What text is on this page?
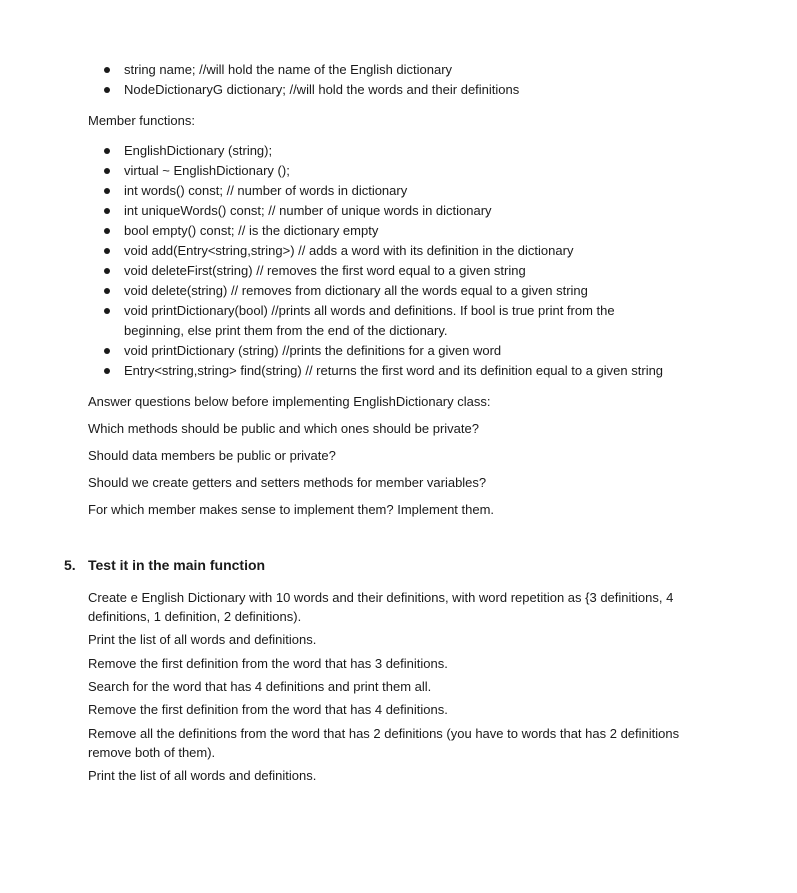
string name; //will hold the name of the English dictionary
NodeDictionaryG dictionary; //will hold the words and their definitions

Member functions:

EnglishDictionary (string);
virtual ~ EnglishDictionary ();
int words() const; // number of words in dictionary
int uniqueWords() const; // number of unique words in dictionary
bool empty() const; // is the dictionary empty
void add(Entry<string,string>) // adds a word with its definition in the dictionary
void deleteFirst(string) // removes the first word equal to a given string
void delete(string) // removes from dictionary all the words equal to a given string
void printDictionary(bool) //prints all words and definitions. If bool is true print from the
beginning, else print them from the end of the dictionary.
void printDictionary (string) //prints the definitions for a given word
Entry<string,string> find(string) // returns the first word and its definition equal to a given string

Answer questions below before implementing EnglishDictionary class:

Which methods should be public and which ones should be private?

Should data members be public or private?

Should we create getters and setters methods for member variables?

For which member makes sense to implement them? Implement them.

5. Test it in the main function

Create e English Dictionary with 10 words and their definitions, with word repetition as {3 definitions, 4

definitions, 1 definition, 2 definitions).

Print the list of all words and definitions.

Remove the first definition from the word that has 3 definitions.

Search for the word that has 4 definitions and print them all.

Remove the first definition from the word that has 4 definitions.

Remove all the definitions from the word that has 2 definitions (you have to words that has 2 definitions

remove both of them).

Print the list of all words and definitions.
